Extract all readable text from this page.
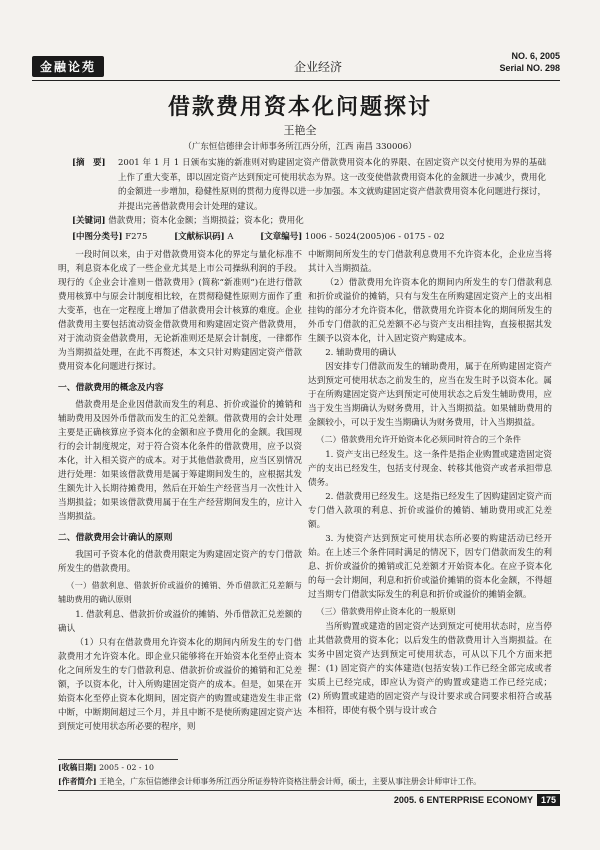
金融论苑	企业经济
NO. 6, 2005
Serial NO. 298
借款费用资本化问题探讨
王艳全
（广东恒信德律会计师事务所江西分所，江西 南昌 330006）
[摘　要]	2001 年 1 月 1 日颁布实施的新准则对购建固定资产借款费用资本化的界限、在固定资产以交付使用为界的基础上作了重大变革，即以固定资产达到预定可使用状态为界。这一改变使借款费用资本化的金额进一步减少，费用化的金额进一步增加，稳健性原则的贯彻力度得以进一步加强。本文就购建固定资产借款费用资本化问题进行探讨，并提出完善借款费用会计处理的建议。
[关键词] 借款费用；资本化金额；当期损益；资本化；费用化
[中图分类号] F275	[文献标识码] A	[文章编号] 1006 - 5024(2005)06 - 0175 - 02

一段时间以来，由于对借款费用资本化的界定与量化标准不明，利息资本化成了一些企业尤其是上市公司操纵利润的手段。现行的《企业会计准则－借款费用》(简称“新准则”)在进行借款费用核算中与原会计制度相比较，在贯彻稳健性原则方面作了重大变革，也在一定程度上增加了借款费用会计核算的难度。企业借款费用主要包括流动资金借款费用和购建固定资产借款费用，对于流动资金借款费用，无论新准则还是原会计制度，一律都作为当期损益处理，在此不再赘述，本文只针对购建固定资产借款费用资本化问题进行探讨。

一、借款费用的概念及内容

借款费用是企业因借款而发生的利息、折价或溢价的摊销和辅助费用及因外币借款而发生的汇兑差额。借款费用的会计处理主要是正确核算应予资本化的金额和应予费用化的金额。我国现行的会计制度规定，对于符合资本化条件的借款费用，应予以资本化，计入相关资产的成本。对于其他借款费用，应当区别情况进行处理：如果该借款费用是属于筹建期间发生的，应根据其发生额先计入长期待摊费用，然后在开始生产经营当月一次性计入当期损益；如果该借款费用属于在生产经营期间发生的，应计入当期损益。

二、借款费用会计确认的原则

我国可予资本化的借款费用限定为购建固定资产的专门借款所发生的借款费用。

（一）借款利息、借款折价或溢价的摊销、外币借款汇兑差额与辅助费用的确认原则

1. 借款利息、借款折价或溢价的摊销、外币借款汇兑差额的确认

（1）只有在借款费用允许资本化的期间内所发生的专门借款费用才允许资本化。即企业只能够将在开始资本化至停止资本化之间所发生的专门借款利息、借款折价或溢价的摊销和汇兑差额，予以资本化，计入所购建固定资产的成本。但是，如果在开始资本化至停止资本化期间，固定资产的购置或建造发生非正常中断，中断期间超过三个月，并且中断不是使所购建固定资产达到预定可使用状态所必要的程序，则

中断期间所发生的专门借款利息费用不允许资本化，企业应当将其计入当期损益。

（2）借款费用允许资本化的期间内所发生的专门借款利息和折价或溢价的摊销，只有与发生在所购建固定资产上的支出相挂钩的部分才允许资本化，借款费用允许资本化的期间所发生的外币专门借款的汇兑差额不必与资产支出相挂钩，直接根据其发生额予以资本化，计入固定资产购建成本。

2. 辅助费用的确认

因安排专门借款而发生的辅助费用，属于在所购建固定资产达到预定可使用状态之前发生的，应当在发生时予以资本化。属于在所购建固定资产达到预定可使用状态之后发生辅助费用，应当于发生当期确认为财务费用，计入当期损益。如果辅助费用的金额较小，可以于发生当期确认为财务费用，计入当期损益。

（二）借款费用允许开始资本化必须同时符合的三个条件

1. 资产支出已经发生。这一条件是指企业购置或建造固定资产的支出已经发生，包括支付现金、转移其他资产或者承担带息债务。

2. 借款费用已经发生。这是指已经发生了因购建固定资产而专门借入款项的利息、折价或溢价的摊销、辅助费用或汇兑差额。

3. 为使资产达到预定可使用状态所必要的购建活动已经开始。在上述三个条件同时满足的情况下，因专门借款而发生的利息、折价或溢价的摊销或汇兑差额才开始资本化。在应予资本化的每一会计期间，利息和折价或溢价摊销的资本化金额，不得超过当期专门借款实际发生的利息和折价或溢价的摊销金额。

（三）借款费用停止资本化的一般原则

当所购置或建造的固定资产达到预定可使用状态时，应当停止其借款费用的资本化；以后发生的借款费用计入当期损益。在实务中固定资产达到预定可使用状态，可从以下几个方面来把握：(1) 固定资产的实体建造(包括安装)工作已经全部完成或者实质上已经完成，即应认为资产的购置或建造工作已经完成；(2) 所购置或建造的固定资产与设计要求或合同要求相符合或基本相符，即使有极个别与设计或合

[收稿日期] 2005 - 02 - 10
[作者简介] 王艳全，广东恒信德律会计师事务所江西分所证券特许资格注册会计师，硕士，主要从事注册会计师审计工作。
2005. 6 ENTERPRISE ECONOMY 175
